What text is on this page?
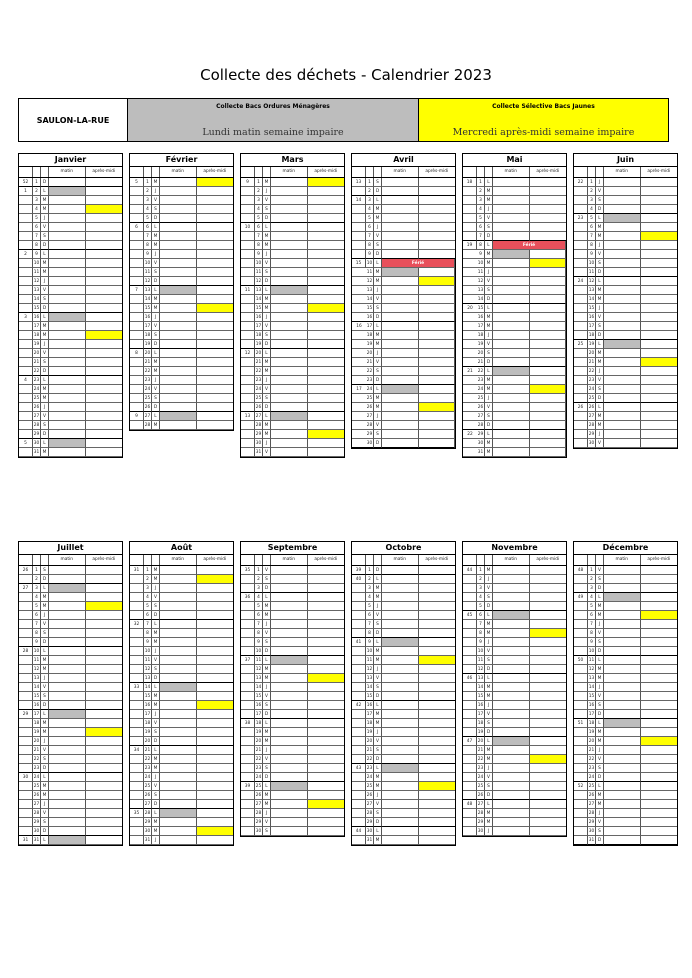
Collecte des déchets - Calendrier 2023
SAULON-LA-RUE
Collecte Bacs Ordures Ménagères
Lundi matin semaine impaire
Collecte Sélective Bacs Jaunes
Mercredi après-midi semaine impaire
Janvier
matin	après-midi
52	1	D
1	2	L
3	M
4	M
5	J
6	V
7	S
8	D
2	9	L
10 M
11 M
12	J
13 V
14 S
15 D
3	16 L
17 M
18 M
19	J
20 V
21 S
22 D
4	23 L
24 M
25 M
26	J
27 V
28 S
29 D
5	30 L
31 M
Février
matin	après-midi
5	1	M
2	J
3	V
4	S
5	D
6	6	L
7	M
8	M
9	J
10 V
11 S
12 D
7	13 L
14 M
15 M
16	J
17 V
18 S
19 D
8	20 L
21 M
22 M
23	J
24 V
25 S
26 D
9	27 L
28 M
Mars
matin	après-midi
9	1	M
2	J
3	V
4	S
5	D
10	6	L
7	M
8	M
9	J
10 V
11 S
12 D
11	13 L
14 M
15 M
16	J
17 V
18 S
19 D
12	20 L
21 M
22 M
23	J
24 V
25 S
26 D
13	27 L
28 M
29 M
30	J
31 V
Avril
matin	après-midi
13	1	S
2	D
14	3	L
4	M
5	M
6	J
7	V
8	S
9	D
15	10 L	Férié
11 M
12 M
13	J
14 V
15 S
16 D
16	17 L
18 M
19 M
20	J
21 V
22 S
23 D
17	24 L
25 M
26 M
27	J
28 V
29 S
30 D
Mai
matin	après-midi
18	1	L
2	M
3	M
4	J
5	V
6	S
7	D
19	8	L	Férié
9	M
10 M
11	J
12 V
13 S
14 D
20	15 L
16 M
17 M
18	J
19 V
20 S
21 D
21	22 L
23 M
24 M
25	J
26 V
27 S
28 D
22	29 L
30 M
31 M
Juin
matin	après-midi
22	1	J
2	V
3	S
4	D
23	5	L
6	M
7	M
8	J
9	V
10 S
11 D
24	12 L
13 M
14 M
15	J
16 V
17 S
18 D
25	19 L
20 M
21 M
22	J
23 V
24 S
25 D
26	26 L
27 M
28 M
29	J
30 V
Juillet
matin	après-midi
26	1	S
2	D
27	3	L
4	M
5	M
6	J
7	V
8	S
9	D
28	10 L
11 M
12 M
13	J
14 V
15 S
16 D
29	17 L
18 M
19 M
20	J
21 V
22 S
23 D
30	24 L
25 M
26 M
27	J
28 V
29 S
30 D
31	31 L
Août
matin	après-midi
31	1	M
2	M
3	J
4	V
5	S
6	D
32	7	L
8	M
9	M
10	J
11 V
12 S
13 D
33	14 L
15 M
16 M
17	J
18 V
19 S
20 D
34	21 L
22 M
23 M
24	J
25 V
26 S
27 D
35	28 L
29 M
30 M
31	J
Septembre
matin	après-midi
35	1	V
2	S
3	D
36	4	L
5	M
6	M
7	J
8	V
9	S
10 D
37	11 L
12 M
13 M
14	J
15 V
16 S
17 D
38	18 L
19 M
20 M
21	J
22 V
23 S
24 D
39	25 L
26 M
27 M
28	J
29 V
30 S
Octobre
matin	après-midi
39	1	D
40	2	L
3	M
4	M
5	J
6	V
7	S
8	D
41	9	L
10 M
11 M
12	J
13 V
14 S
15 D
42	16 L
17 M
18 M
19	J
20 V
21 S
22 D
43	23 L
24 M
25 M
26	J
27 V
28 S
29 D
44	30 L
31 M
Novembre
matin	après-midi
44	1	M
2	J
3	V
4	S
5	D
45	6	L
7	M
8	M
9	J
10 V
11 S
12 D
46	13 L
14 M
15 M
16	J
17 V
18 S
19 D
47	20 L
21 M
22 M
23	J
24 V
25 S
26 D
48	27 L
28 M
29 M
30	J
Décembre
matin	après-midi
48	1	V
2	S
3	D
49	4	L
5	M
6	M
7	J
8	V
9	S
10 D
50	11 L
12 M
13 M
14	J
15 V
16 S
17 D
51	18 L
19 M
20 M
21	J
22 V
23 S
24 D
52	25 L
26 M
27 M
28	J
29 V
30 S
31 D
